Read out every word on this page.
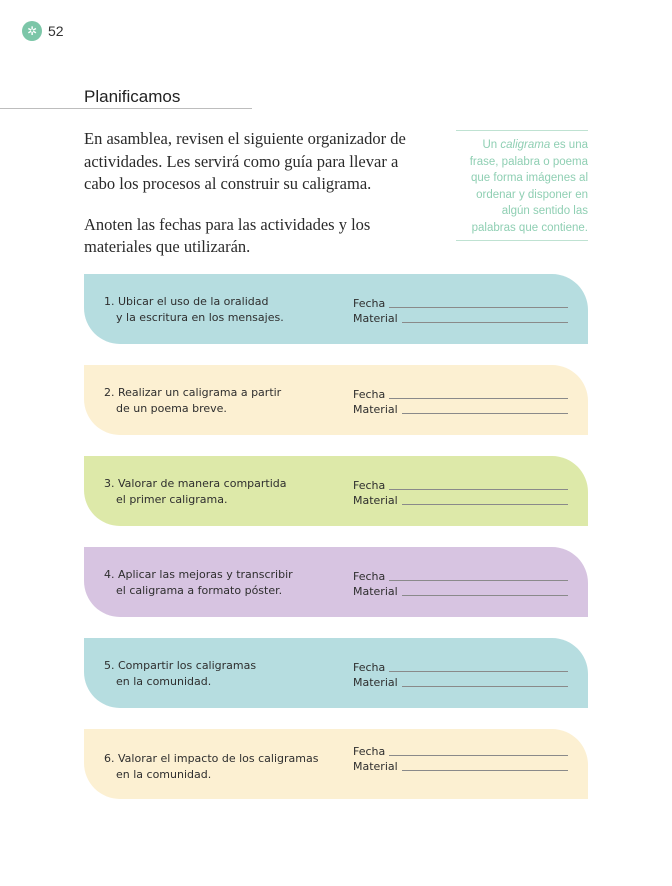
✲ 52
Planificamos

En asamblea, revisen el siguiente organizador de actividades. Les servirá como guía para llevar a cabo los procesos al construir su caligrama.

Anoten las fechas para las actividades y los materiales que utilizarán.

Un caligrama es una frase, palabra o poema que forma imágenes al ordenar y disponer en algún sentido las palabras que contiene.
1. Ubicar el uso de la oralidad
y la escritura en los mensajes.
Fecha
Material
2. Realizar un caligrama a partir
de un poema breve.
Fecha
Material
3. Valorar de manera compartida
el primer caligrama.
Fecha
Material
4. Aplicar las mejoras y transcribir
el caligrama a formato póster.
Fecha
Material
5. Compartir los caligramas
en la comunidad.
Fecha
Material
6. Valorar el impacto de los caligramas
en la comunidad.
Fecha
Material
